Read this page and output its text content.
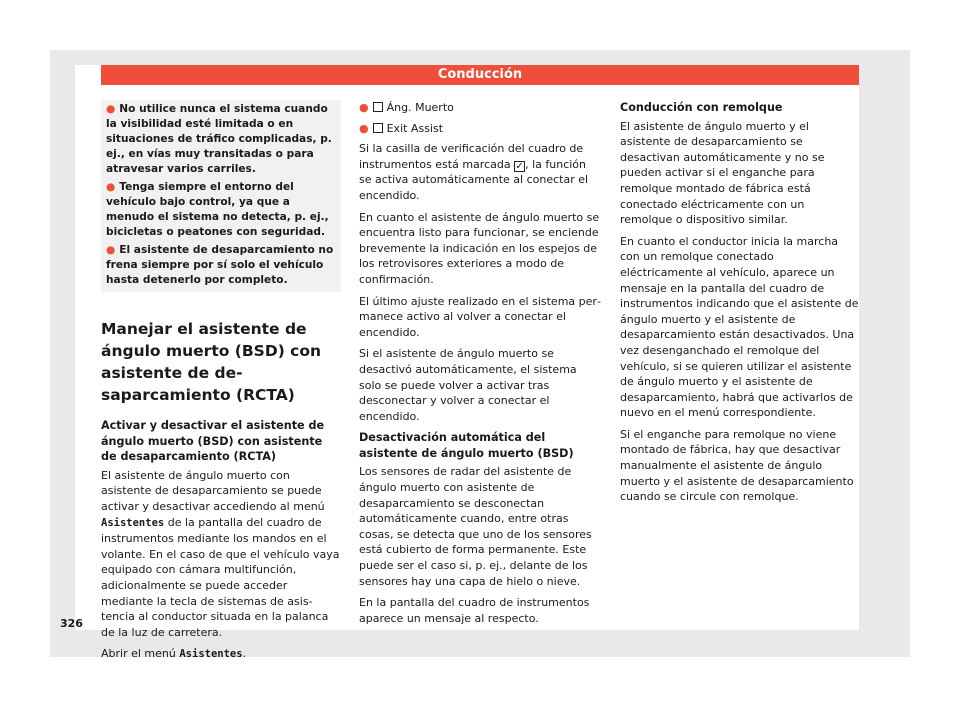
Conducción

● No utilice nunca el sistema cuando la visibilidad esté limitada o en situaciones de tráfico complicadas, p. ej., en vías muy transitadas o para atravesar varios carriles.

● Tenga siempre el entorno del vehículo bajo control, ya que a menudo el sistema no detecta, p. ej., bicicletas o peatones con seguridad.

● El asistente de desaparcamiento no frena siempre por sí solo el vehículo hasta detenerlo por completo.

Manejar el asistente de ángulo muerto (BSD) con asistente de desaparcamiento (RCTA)
Activar y desactivar el asistente de ángulo muerto (BSD) con asistente de desaparcamiento (RCTA)

El asistente de ángulo muerto con asistente de desaparcamiento se puede activar y desactivar accediendo al menú Asistentes de la pantalla del cuadro de instrumentos mediante los mandos en el volante. En el caso de que el vehículo vaya equipado con cámara multifunción, adicionalmente se puede acceder mediante la tecla de sistemas de asistencia al conductor situada en la palanca de la luz de carretera.

Abrir el menú Asistentes.

● Áng. Muerto

● Exit Assist

Si la casilla de verificación del cuadro de instrumentos está marcada ✓, la función se activa automáticamente al conectar el encendido.

En cuanto el asistente de ángulo muerto se encuentra listo para funcionar, se enciende brevemente la indicación en los espejos de los retrovisores exteriores a modo de confirmación.

El último ajuste realizado en el sistema permanece activo al volver a conectar el encendido.

Si el asistente de ángulo muerto se desactivó automáticamente, el sistema solo se puede volver a activar tras desconectar y volver a conectar el encendido.

Desactivación automática del asistente de ángulo muerto (BSD)

Los sensores de radar del asistente de ángulo muerto con asistente de desaparcamiento se desconectan automáticamente cuando, entre otras cosas, se detecta que uno de los sensores está cubierto de forma permanente. Este puede ser el caso si, p. ej., delante de los sensores hay una capa de hielo o nieve.

En la pantalla del cuadro de instrumentos aparece un mensaje al respecto.

Conducción con remolque

El asistente de ángulo muerto y el asistente de desaparcamiento se desactivan automáticamente y no se pueden activar si el enganche para remolque montado de fábrica está conectado eléctricamente con un remolque o dispositivo similar.

En cuanto el conductor inicia la marcha con un remolque conectado eléctricamente al vehículo, aparece un mensaje en la pantalla del cuadro de instrumentos indicando que el asistente de ángulo muerto y el asistente de desaparcamiento están desactivados. Una vez desenganchado el remolque del vehículo, si se quieren utilizar el asistente de ángulo muerto y el asistente de desaparcamiento, habrá que activarlos de nuevo en el menú correspondiente.

Si el enganche para remolque no viene montado de fábrica, hay que desactivar manualmente el asistente de ángulo muerto y el asistente de desaparcamiento cuando se circule con remolque.

326
